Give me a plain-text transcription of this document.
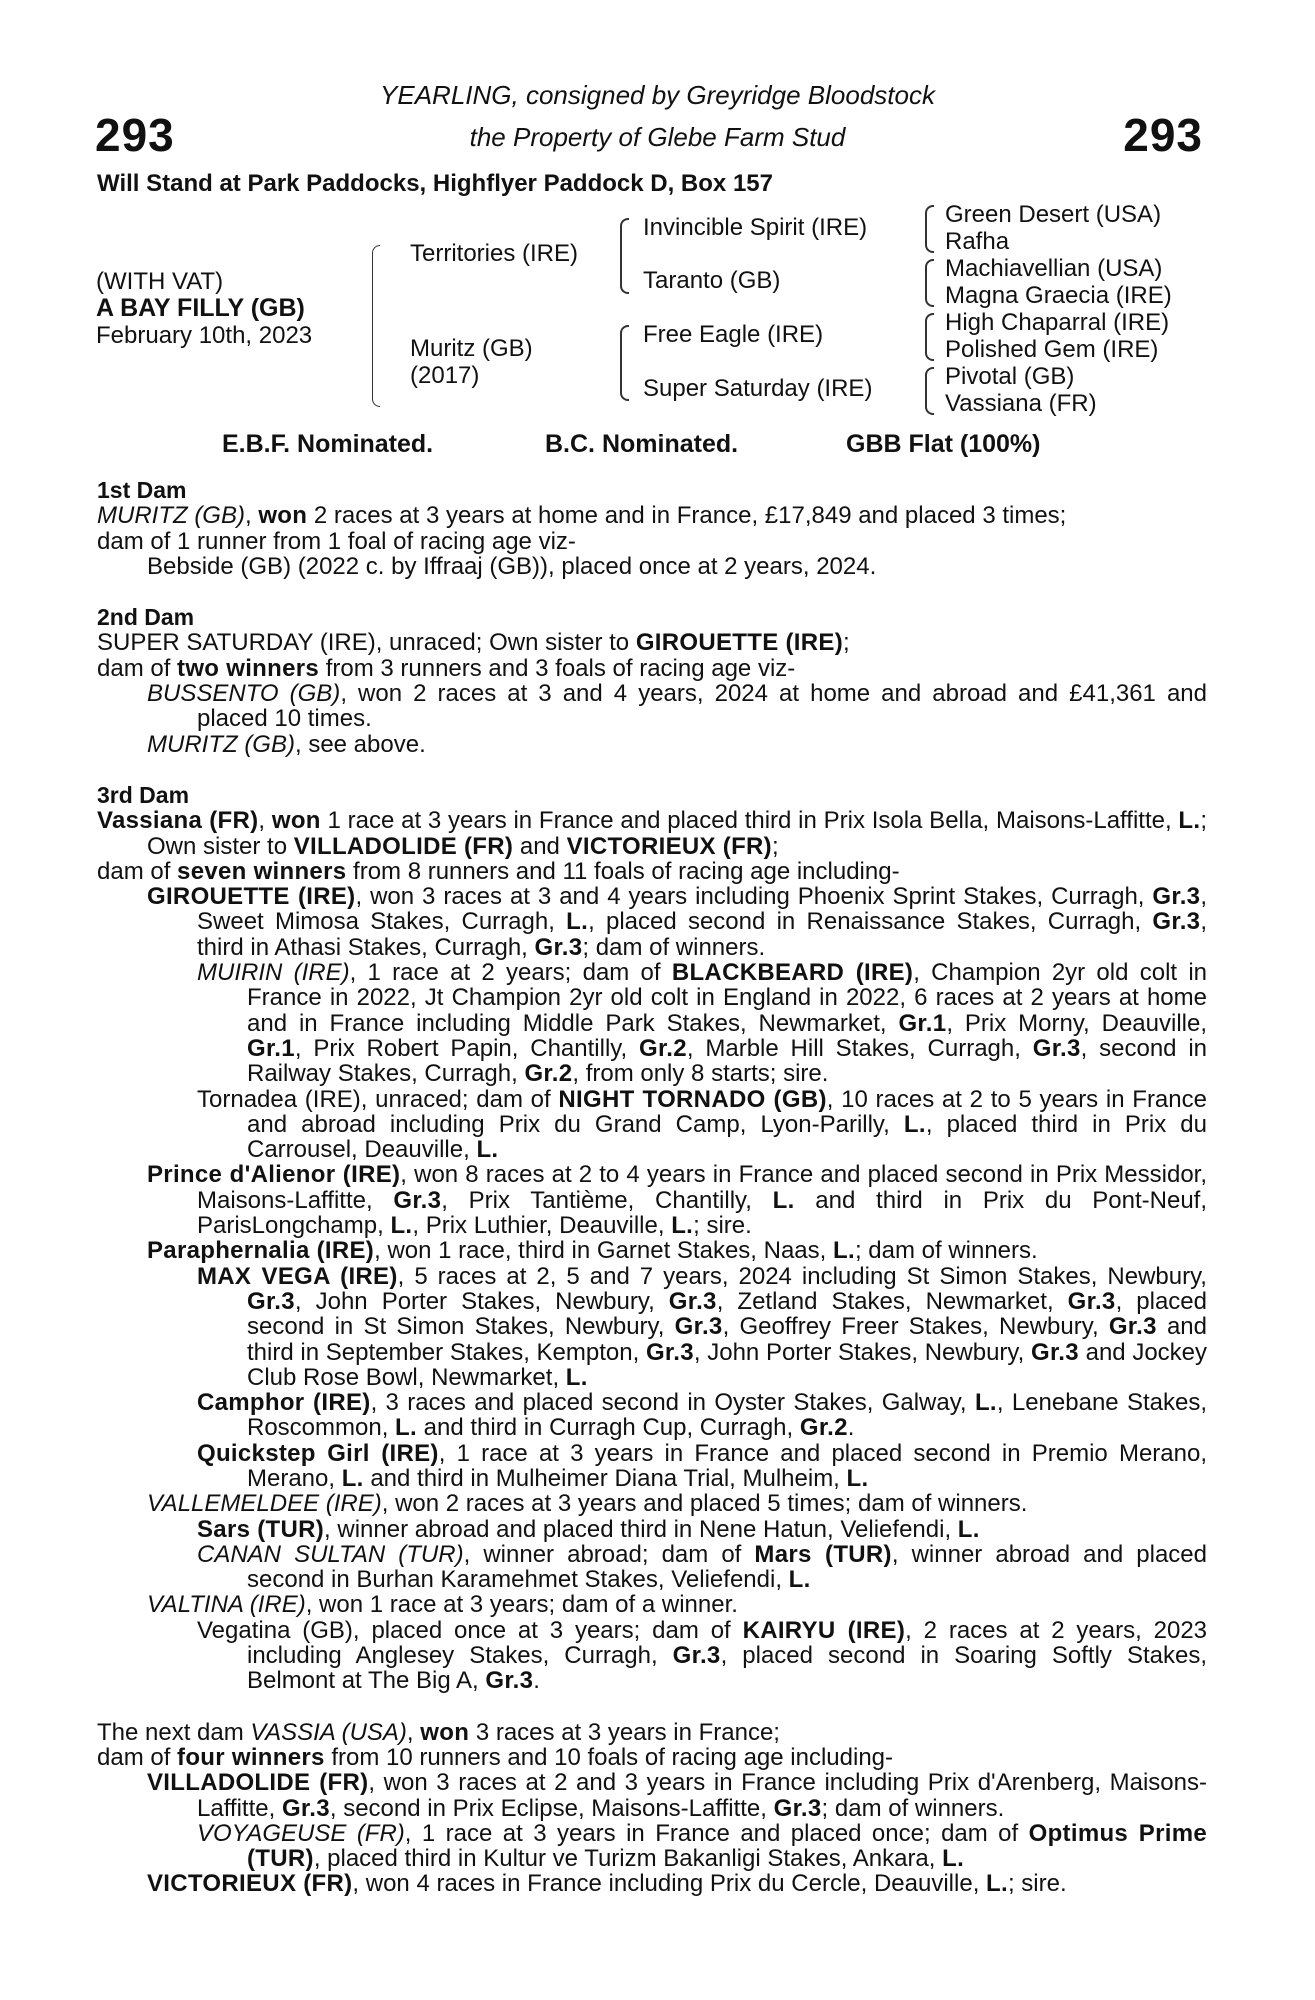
293	293
YEARLING, consigned by Greyridge Bloodstock
the Property of Glebe Farm Stud
Will Stand at Park Paddocks, Highflyer Paddock D, Box 157
(WITH VAT)
A BAY FILLY (GB)
February 10th, 2023
Territories (IRE)
Muritz (GB)
(2017)
Invincible Spirit (IRE)
Taranto (GB)
Free Eagle (IRE)
Super Saturday (IRE)
Green Desert (USA)
Rafha
Machiavellian (USA)
Magna Graecia (IRE)
High Chaparral (IRE)
Polished Gem (IRE)
Pivotal (GB)
Vassiana (FR)
E.B.F. Nominated.	B.C. Nominated.	GBB Flat (100%)
1st Dam

MURITZ (GB), won 2 races at 3 years at home and in France, £17,849 and placed 3 times;

dam of 1 runner from 1 foal of racing age viz-

Bebside (GB) (2022 c. by Iffraaj (GB)), placed once at 2 years, 2024.

2nd Dam

SUPER SATURDAY (IRE), unraced; Own sister to GIROUETTE (IRE);

dam of two winners from 3 runners and 3 foals of racing age viz-

BUSSENTO (GB), won 2 races at 3 and 4 years, 2024 at home and abroad and £41,361 and placed 10 times.

MURITZ (GB), see above.

3rd Dam

Vassiana (FR), won 1 race at 3 years in France and placed third in Prix Isola Bella, Maisons-Laffitte, L.; Own sister to VILLADOLIDE (FR) and VICTORIEUX (FR);

dam of seven winners from 8 runners and 11 foals of racing age including-

GIROUETTE (IRE), won 3 races at 3 and 4 years including Phoenix Sprint Stakes, Curragh, Gr.3, Sweet Mimosa Stakes, Curragh, L., placed second in Renaissance Stakes, Curragh, Gr.3, third in Athasi Stakes, Curragh, Gr.3; dam of winners.

MUIRIN (IRE), 1 race at 2 years; dam of BLACKBEARD (IRE), Champion 2yr old colt in France in 2022, Jt Champion 2yr old colt in England in 2022, 6 races at 2 years at home and in France including Middle Park Stakes, Newmarket, Gr.1, Prix Morny, Deauville, Gr.1, Prix Robert Papin, Chantilly, Gr.2, Marble Hill Stakes, Curragh, Gr.3, second in Railway Stakes, Curragh, Gr.2, from only 8 starts; sire.

Tornadea (IRE), unraced; dam of NIGHT TORNADO (GB), 10 races at 2 to 5 years in France and abroad including Prix du Grand Camp, Lyon-Parilly, L., placed third in Prix du Carrousel, Deauville, L.

Prince d'Alienor (IRE), won 8 races at 2 to 4 years in France and placed second in Prix Messidor, Maisons-Laffitte, Gr.3, Prix Tantième, Chantilly, L. and third in Prix du Pont-Neuf, ParisLongchamp, L., Prix Luthier, Deauville, L.; sire.

Paraphernalia (IRE), won 1 race, third in Garnet Stakes, Naas, L.; dam of winners.

MAX VEGA (IRE), 5 races at 2, 5 and 7 years, 2024 including St Simon Stakes, Newbury, Gr.3, John Porter Stakes, Newbury, Gr.3, Zetland Stakes, Newmarket, Gr.3, placed second in St Simon Stakes, Newbury, Gr.3, Geoffrey Freer Stakes, Newbury, Gr.3 and third in September Stakes, Kempton, Gr.3, John Porter Stakes, Newbury, Gr.3 and Jockey Club Rose Bowl, Newmarket, L.

Camphor (IRE), 3 races and placed second in Oyster Stakes, Galway, L., Lenebane Stakes, Roscommon, L. and third in Curragh Cup, Curragh, Gr.2.

Quickstep Girl (IRE), 1 race at 3 years in France and placed second in Premio Merano, Merano, L. and third in Mulheimer Diana Trial, Mulheim, L.

VALLEMELDEE (IRE), won 2 races at 3 years and placed 5 times; dam of winners.

Sars (TUR), winner abroad and placed third in Nene Hatun, Veliefendi, L.

CANAN SULTAN (TUR), winner abroad; dam of Mars (TUR), winner abroad and placed second in Burhan Karamehmet Stakes, Veliefendi, L.

VALTINA (IRE), won 1 race at 3 years; dam of a winner.

Vegatina (GB), placed once at 3 years; dam of KAIRYU (IRE), 2 races at 2 years, 2023 including Anglesey Stakes, Curragh, Gr.3, placed second in Soaring Softly Stakes, Belmont at The Big A, Gr.3.

The next dam VASSIA (USA), won 3 races at 3 years in France;

dam of four winners from 10 runners and 10 foals of racing age including-

VILLADOLIDE (FR), won 3 races at 2 and 3 years in France including Prix d'Arenberg, Maisons-Laffitte, Gr.3, second in Prix Eclipse, Maisons-Laffitte, Gr.3; dam of winners.

VOYAGEUSE (FR), 1 race at 3 years in France and placed once; dam of Optimus Prime (TUR), placed third in Kultur ve Turizm Bakanligi Stakes, Ankara, L.

VICTORIEUX (FR), won 4 races in France including Prix du Cercle, Deauville, L.; sire.
